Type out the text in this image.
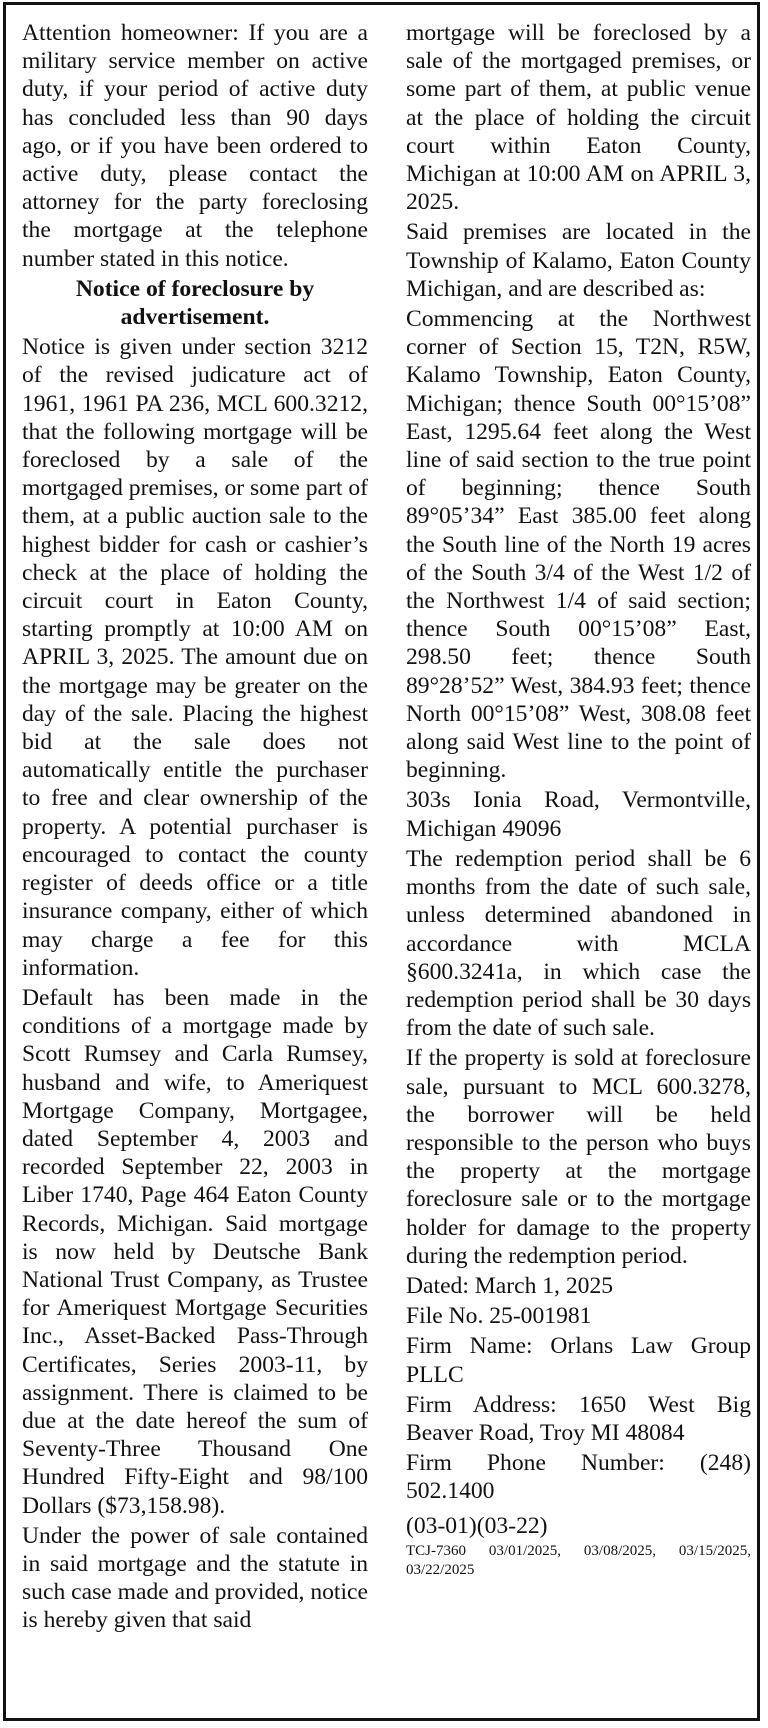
Attention homeowner: If you are a military service member on active duty, if your period of active duty has concluded less than 90 days ago, or if you have been ordered to active duty, please contact the attorney for the party foreclosing the mortgage at the telephone number stated in this notice.

Notice of foreclosure by advertisement.

Notice is given under section 3212 of the revised judicature act of 1961, 1961 PA 236, MCL 600.3212, that the following mortgage will be foreclosed by a sale of the mortgaged premises, or some part of them, at a public auction sale to the highest bidder for cash or cashier’s check at the place of holding the circuit court in Eaton County, starting promptly at 10:00 AM on APRIL 3, 2025. The amount due on the mortgage may be greater on the day of the sale. Placing the highest bid at the sale does not automatically entitle the purchaser to free and clear ownership of the property. A potential purchaser is encouraged to contact the county register of deeds office or a title insurance company, either of which may charge a fee for this information.

Default has been made in the conditions of a mortgage made by Scott Rumsey and Carla Rumsey, husband and wife, to Ameriquest Mortgage Company, Mortgagee, dated September 4, 2003 and recorded September 22, 2003 in Liber 1740, Page 464 Eaton County Records, Michigan. Said mortgage is now held by Deutsche Bank National Trust Company, as Trustee for Ameriquest Mortgage Securities Inc., Asset-Backed Pass-Through Certificates, Series 2003-11, by assignment. There is claimed to be due at the date hereof the sum of Seventy-Three Thousand One Hundred Fifty-Eight and 98/100 Dollars ($73,158.98).

Under the power of sale contained in said mortgage and the statute in such case made and provided, notice is hereby given that said

mortgage will be foreclosed by a sale of the mortgaged premises, or some part of them, at public venue at the place of holding the circuit court within Eaton County, Michigan at 10:00 AM on APRIL 3, 2025.

Said premises are located in the Township of Kalamo, Eaton County Michigan, and are described as:

Commencing at the Northwest corner of Section 15, T2N, R5W, Kalamo Township, Eaton County, Michigan; thence South 00°15’08” East, 1295.64 feet along the West line of said section to the true point of beginning; thence South 89°05’34” East 385.00 feet along the South line of the North 19 acres of the South 3/4 of the West 1/2 of the Northwest 1/4 of said section; thence South 00°15’08” East, 298.50 feet; thence South 89°28’52” West, 384.93 feet; thence North 00°15’08” West, 308.08 feet along said West line to the point of beginning.

303s Ionia Road, Vermontville, Michigan 49096

The redemption period shall be 6 months from the date of such sale, unless determined abandoned in accordance with MCLA §600.3241a, in which case the redemption period shall be 30 days from the date of such sale.

If the property is sold at foreclosure sale, pursuant to MCL 600.3278, the borrower will be held responsible to the person who buys the property at the mortgage foreclosure sale or to the mortgage holder for damage to the property during the redemption period.

Dated: March 1, 2025

File No. 25-001981

Firm Name: Orlans Law Group PLLC

Firm Address: 1650 West Big Beaver Road, Troy MI 48084

Firm Phone Number: (248) 502.1400

(03-01)(03-22)

TCJ-7360 03/01/2025, 03/08/2025, 03/15/2025, 03/22/2025
